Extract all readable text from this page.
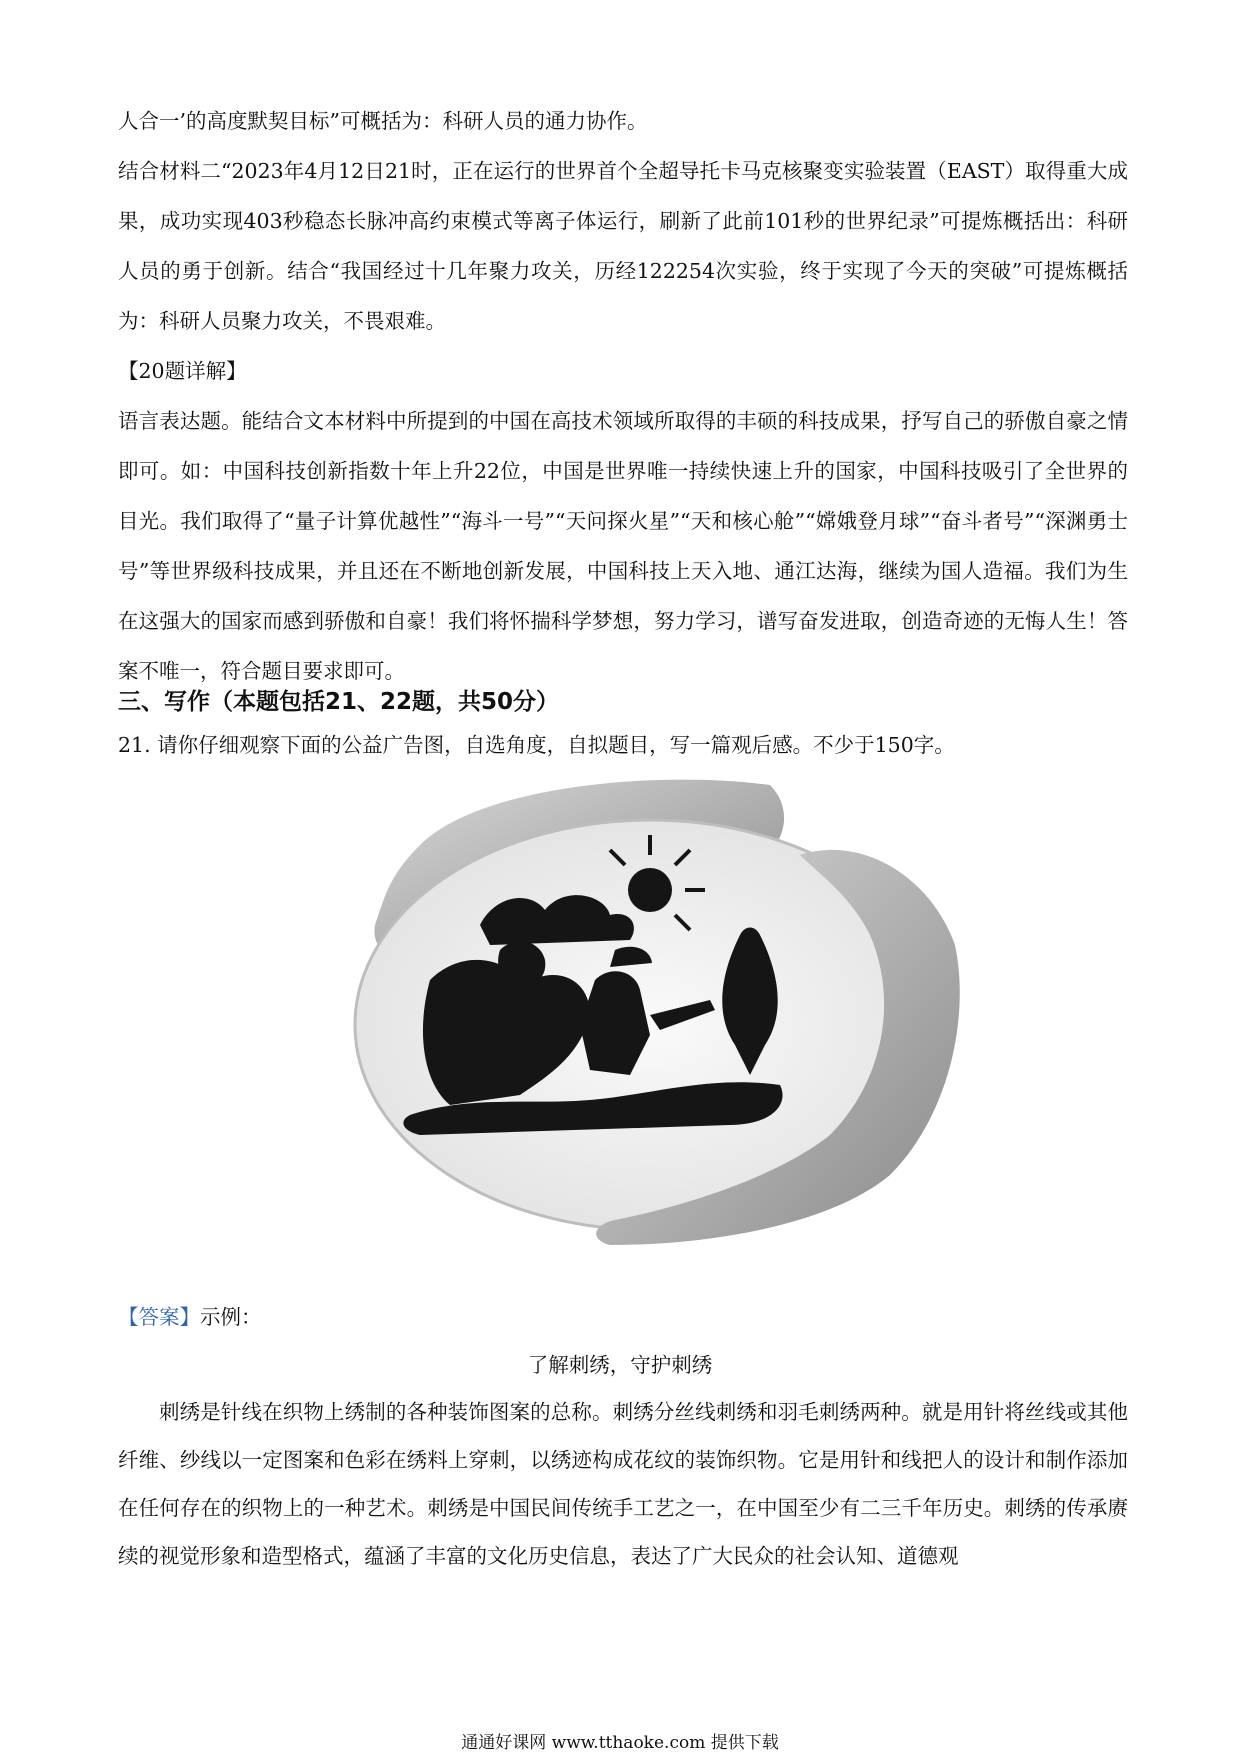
人合一’的高度默契目标”可概括为：科研人员的通力协作。

结合材料二“2023年4月12日21时，正在运行的世界首个全超导托卡马克核聚变实验装置（EAST）取得重大成果，成功实现403秒稳态长脉冲高约束模式等离子体运行，刷新了此前101秒的世界纪录”可提炼概括出：科研人员的勇于创新。结合“我国经过十几年聚力攻关，历经122254次实验，终于实现了今天的突破”可提炼概括为：科研人员聚力攻关，不畏艰难。

【20题详解】

语言表达题。能结合文本材料中所提到的中国在高技术领域所取得的丰硕的科技成果，抒写自己的骄傲自豪之情即可。如：中国科技创新指数十年上升22位，中国是世界唯一持续快速上升的国家，中国科技吸引了全世界的目光。我们取得了“量子计算优越性”“海斗一号”“天问探火星”“天和核心舱”“嫦娥登月球”“奋斗者号”“深渊勇士号”等世界级科技成果，并且还在不断地创新发展，中国科技上天入地、通江达海，继续为国人造福。我们为生在这强大的国家而感到骄傲和自豪！我们将怀揣科学梦想，努力学习，谱写奋发进取，创造奇迹的无悔人生！答案不唯一，符合题目要求即可。

三、写作（本题包括21、22题，共50分）
21. 请你仔细观察下面的公益广告图，自选角度，自拟题目，写一篇观后感。不少于150字。
【答案】示例：
了解刺绣，守护刺绣
刺绣是针线在织物上绣制的各种装饰图案的总称。刺绣分丝线刺绣和羽毛刺绣两种。就是用针将丝线或其他纤维、纱线以一定图案和色彩在绣料上穿刺，以绣迹构成花纹的装饰织物。它是用针和线把人的设计和制作添加在任何存在的织物上的一种艺术。刺绣是中国民间传统手工艺之一，在中国至少有二三千年历史。刺绣的传承赓续的视觉形象和造型格式，蕴涵了丰富的文化历史信息，表达了广大民众的社会认知、道德观
通通好课网 www.tthaoke.com 提供下载
